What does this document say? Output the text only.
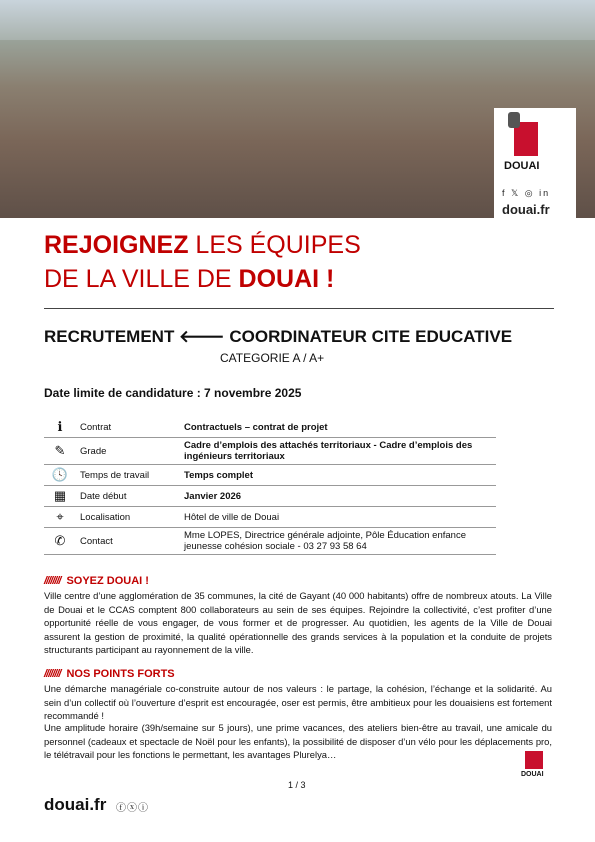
DOUAI
f 𝕏 ◎ in
douai.fr
REJOIGNEZ LES ÉQUIPES
DE LA VILLE DE DOUAI !
RECRUTEMENT 🡐 COORDINATEUR CITE EDUCATIVE
CATEGORIE A / A+
Date limite de candidature : 7 novembre 2025
ℹ	Contrat	Contractuels – contrat de projet
✎	Grade	Cadre d’emplois des attachés territoriaux - Cadre d’emplois des ingénieurs territoriaux
🕓	Temps de travail	Temps complet
▦	Date début	Janvier 2026
⌖	Localisation	Hôtel de ville de Douai
✆	Contact	Mme LOPES, Directrice générale adjointe, Pôle Éducation enfance jeunesse cohésion sociale - 03 27 93 58 64
//////// SOYEZ DOUAI !
Ville centre d’une agglomération de 35 communes, la cité de Gayant (40 000 habitants) offre de nombreux atouts. La Ville de Douai et le CCAS comptent 800 collaborateurs au sein de ses équipes. Rejoindre la collectivité, c’est profiter d’une opportunité réelle de vous engager, de vous former et de progresser. Au quotidien, les agents de la Ville de Douai assurent la gestion de proximité, la qualité opérationnelle des grands services à la population et la conduite de projets structurants participant au rayonnement de la ville.
//////// NOS POINTS FORTS
Une démarche managériale co-construite autour de nos valeurs : le partage, la cohésion, l’échange et la solidarité. Au sein d’un collectif où l’ouverture d’esprit est encouragée, oser est permis, être ambitieux pour les douaisiens est fortement recommandé !
Une amplitude horaire (39h/semaine sur 5 jours), une prime vacances, des ateliers bien-être au travail, une amicale du personnel (cadeaux et spectacle de Noël pour les enfants), la possibilité de disposer d’un vélo pour les déplacements pro, le télétravail pour les fonctions le permettant, les avantages Plurelya…
DOUAI
1 / 3
douai.fr ⓕⓧⓘ
